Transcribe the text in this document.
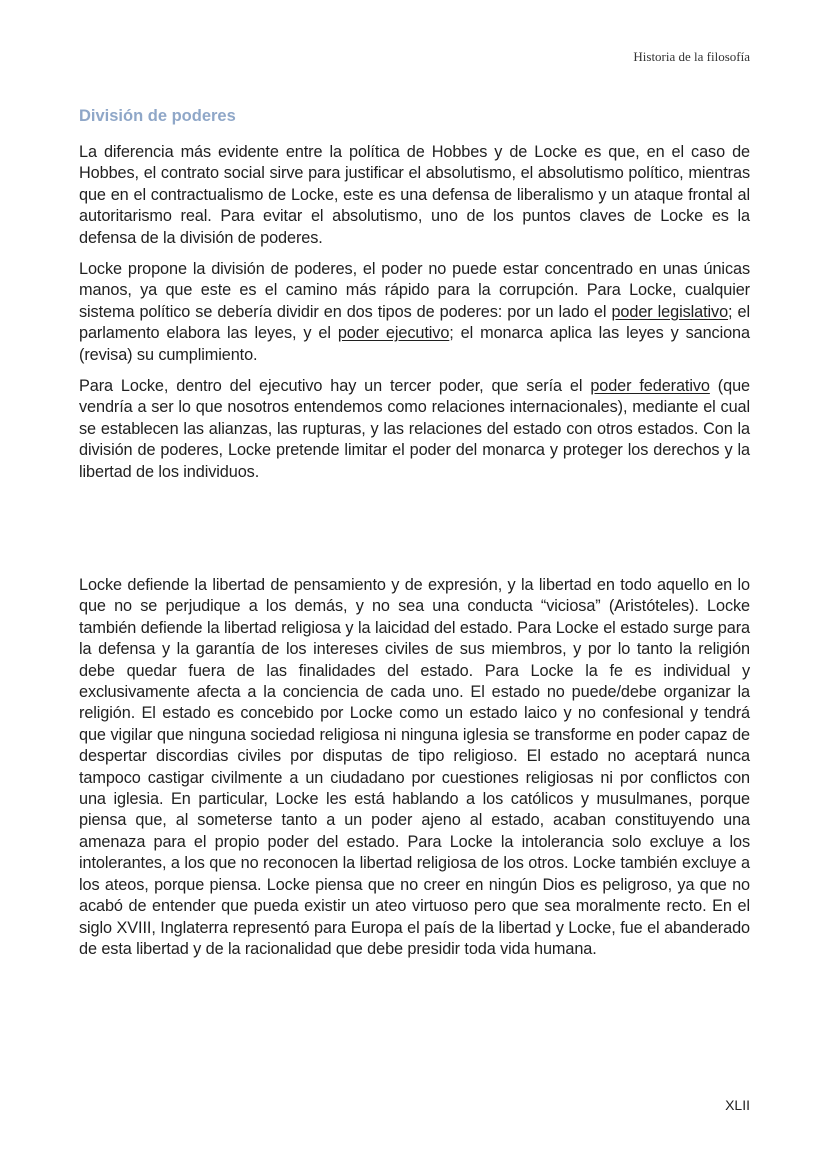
Historia de la filosofía
División de poderes

La diferencia más evidente entre la política de Hobbes y de Locke es que, en el caso de Hobbes, el contrato social sirve para justificar el absolutismo, el absolutismo político, mientras que en el contractualismo de Locke, este es una defensa de liberalismo y un ataque frontal al autoritarismo real. Para evitar el absolutismo, uno de los puntos claves de Locke es la defensa de la división de poderes.

Locke propone la división de poderes, el poder no puede estar concentrado en unas únicas manos, ya que este es el camino más rápido para la corrupción. Para Locke, cualquier sistema político se debería dividir en dos tipos de poderes: por un lado el poder legislativo; el parlamento elabora las leyes, y el poder ejecutivo; el monarca aplica las leyes y sanciona (revisa) su cumplimiento.

Para Locke, dentro del ejecutivo hay un tercer poder, que sería el poder federativo (que vendría a ser lo que nosotros entendemos como relaciones internacionales), mediante el cual se establecen las alianzas, las rupturas, y las relaciones del estado con otros estados. Con la división de poderes, Locke pretende limitar el poder del monarca y proteger los derechos y la libertad de los individuos.

Locke defiende la libertad de pensamiento y de expresión, y la libertad en todo aquello en lo que no se perjudique a los demás, y no sea una conducta “viciosa” (Aristóteles). Locke también defiende la libertad religiosa y la laicidad del estado. Para Locke el estado surge para la defensa y la garantía de los intereses civiles de sus miembros, y por lo tanto la religión debe quedar fuera de las finalidades del estado. Para Locke la fe es individual y exclusivamente afecta a la conciencia de cada uno. El estado no puede/debe organizar la religión. El estado es concebido por Locke como un estado laico y no confesional y tendrá que vigilar que ninguna sociedad religiosa ni ninguna iglesia se transforme en poder capaz de despertar discordias civiles por disputas de tipo religioso. El estado no aceptará nunca tampoco castigar civilmente a un ciudadano por cuestiones religiosas ni por conflictos con una iglesia. En particular, Locke les está hablando a los católicos y musulmanes, porque piensa que, al someterse tanto a un poder ajeno al estado, acaban constituyendo una amenaza para el propio poder del estado. Para Locke la intolerancia solo excluye a los intolerantes, a los que no reconocen la libertad religiosa de los otros. Locke también excluye a los ateos, porque piensa. Locke piensa que no creer en ningún Dios es peligroso, ya que no acabó de entender que pueda existir un ateo virtuoso pero que sea moralmente recto. En el siglo XVIII, Inglaterra representó para Europa el país de la libertad y Locke, fue el abanderado de esta libertad y de la racionalidad que debe presidir toda vida humana.

XLII
